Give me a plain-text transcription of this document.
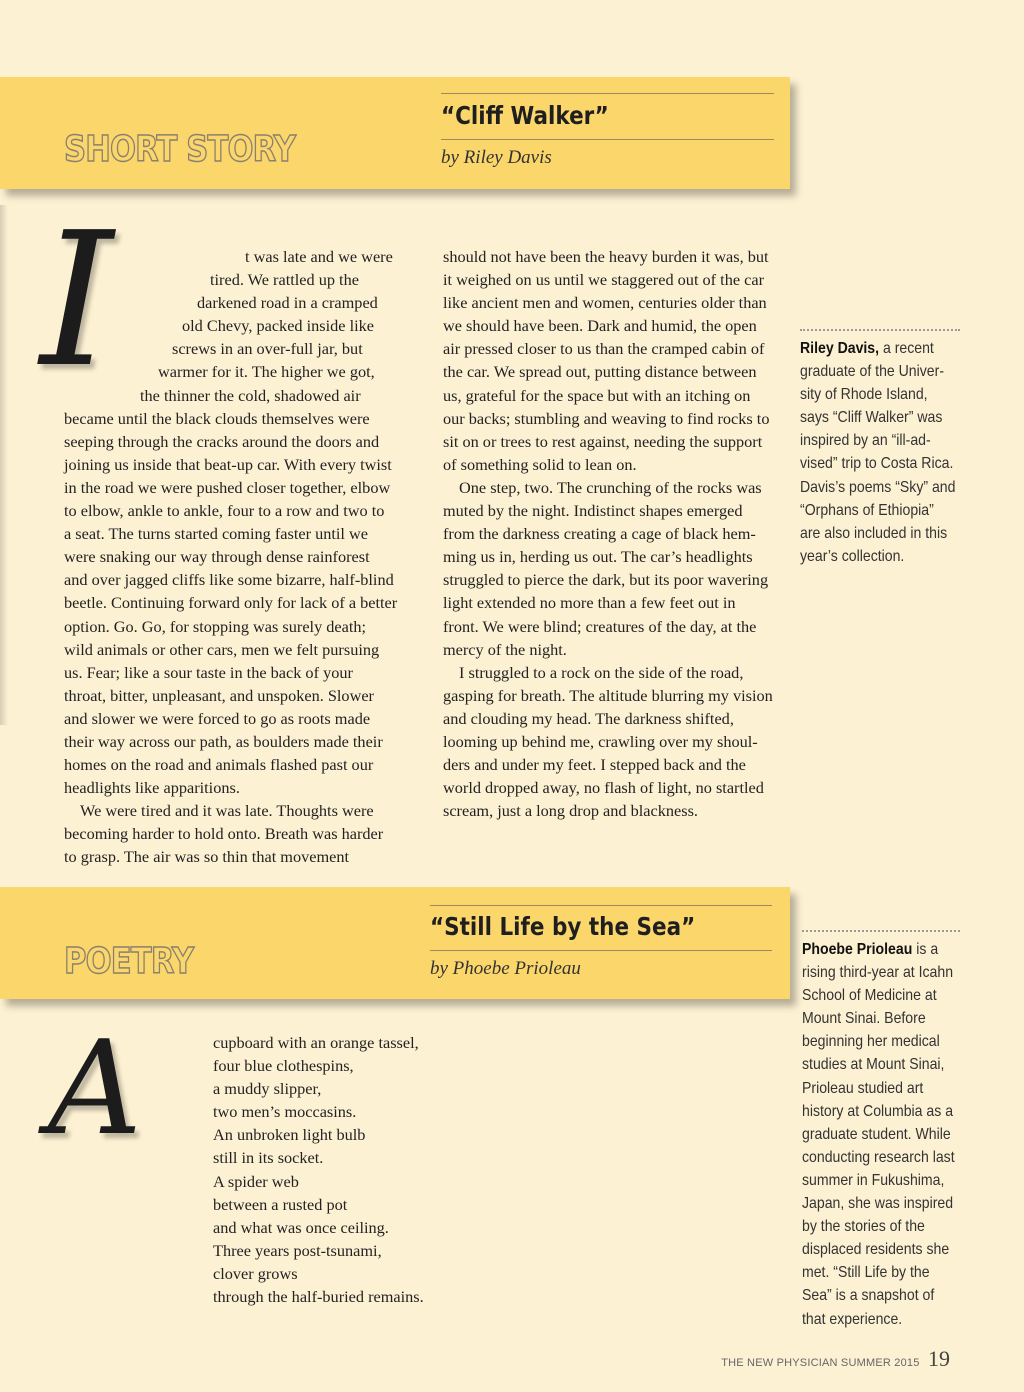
SHORT STORY
“Cliff Walker”
by Riley Davis
I	t was late and we were
tired. We rattled up the
darkened road in a cramped
old Chevy, packed inside like
screws in an over-full jar, but
warmer for it. The higher we got,
the thinner the cold, shadowed air
became until the black clouds themselves were
seeping through the cracks around the doors and
joining us inside that beat-up car. With every twist
in the road we were pushed closer together, elbow
to elbow, ankle to ankle, four to a row and two to
a seat. The turns started coming faster until we
were snaking our way through dense rainforest
and over jagged cliffs like some bizarre, half-blind
beetle. Continuing forward only for lack of a better
option. Go. Go, for stopping was surely death;
wild animals or other cars, men we felt pursuing
us. Fear; like a sour taste in the back of your
throat, bitter, unpleasant, and unspoken. Slower
and slower we were forced to go as roots made
their way across our path, as boulders made their
homes on the road and animals flashed past our
headlights like apparitions.
We were tired and it was late. Thoughts were
becoming harder to hold onto. Breath was harder
to grasp. The air was so thin that movement
should not have been the heavy burden it was, but
it weighed on us until we staggered out of the car
like ancient men and women, centuries older than
we should have been. Dark and humid, the open
air pressed closer to us than the cramped cabin of
the car. We spread out, putting distance between
us, grateful for the space but with an itching on
our backs; stumbling and weaving to find rocks to
sit on or trees to rest against, needing the support
of something solid to lean on.
One step, two. The crunching of the rocks was
muted by the night. Indistinct shapes emerged
from the darkness creating a cage of black hem-
ming us in, herding us out. The car’s headlights
struggled to pierce the dark, but its poor wavering
light extended no more than a few feet out in
front. We were blind; creatures of the day, at the
mercy of the night.
I struggled to a rock on the side of the road,
gasping for breath. The altitude blurring my vision
and clouding my head. The darkness shifted,
looming up behind me, crawling over my shoul-
ders and under my feet. I stepped back and the
world dropped away, no flash of light, no startled
scream, just a long drop and blackness.
Riley Davis, a recent
graduate of the Univer-
sity of Rhode Island,
says “Cliff Walker” was
inspired by an “ill-ad-
vised” trip to Costa Rica.
Davis’s poems “Sky” and
“Orphans of Ethiopia”
are also included in this
year’s collection.
POETRY
“Still Life by the Sea”
by Phoebe Prioleau
A	cupboard with an orange tassel,
four blue clothespins,
a muddy slipper,
two men’s moccasins.
An unbroken light bulb
still in its socket.
A spider web
between a rusted pot
and what was once ceiling.
Three years post-tsunami,
clover grows
through the half-buried remains.
Phoebe Prioleau is a
rising third-year at Icahn
School of Medicine at
Mount Sinai. Before
beginning her medical
studies at Mount Sinai,
Prioleau studied art
history at Columbia as a
graduate student. While
conducting research last
summer in Fukushima,
Japan, she was inspired
by the stories of the
displaced residents she
met. “Still Life by the
Sea” is a snapshot of
that experience.
THE NEW PHYSICIAN SUMMER 2015 19
